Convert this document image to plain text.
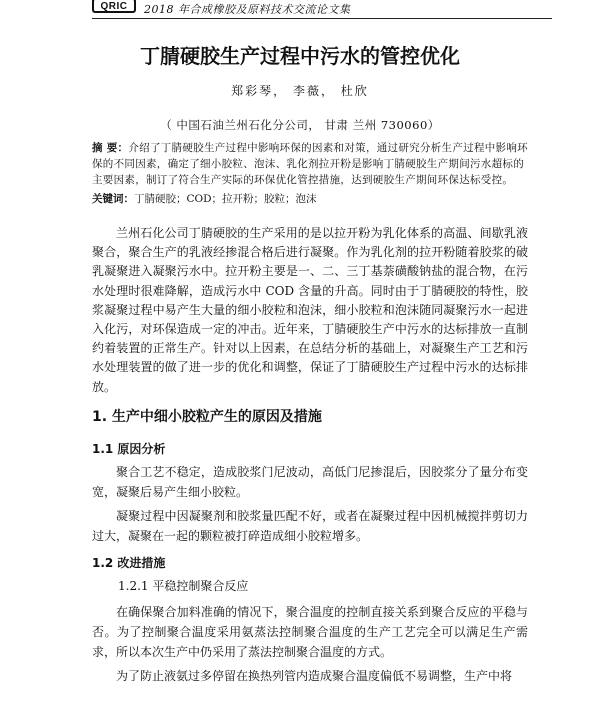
QRIC	2018 年合成橡胶及原料技术交流论文集
丁腈硬胶生产过程中污水的管控优化
郑彩琴， 李薇， 杜欣
（ 中国石油兰州石化分公司， 甘肃 兰州 730060）
摘 要：介绍了丁腈硬胶生产过程中影响环保的因素和对策，通过研究分析生产过程中影响环保的不同因素，确定了细小胶粒、泡沫、乳化剂拉开粉是影响丁腈硬胶生产期间污水超标的主要因素，制订了符合生产实际的环保优化管控措施，达到硬胶生产期间环保达标受控。
关键词：丁腈硬胶；COD；拉开粉；胶粒；泡沫
兰州石化公司丁腈硬胶的生产采用的是以拉开粉为乳化体系的高温、间歇乳液聚合，聚合生产的乳液经掺混合格后进行凝聚。作为乳化剂的拉开粉随着胶浆的破乳凝聚进入凝聚污水中。拉开粉主要是一、二、三丁基萘磺酸钠盐的混合物，在污水处理时很难降解，造成污水中 COD 含量的升高。同时由于丁腈硬胶的特性，胶浆凝聚过程中易产生大量的细小胶粒和泡沫，细小胶粒和泡沫随同凝聚污水一起进入化污，对环保造成一定的冲击。近年来，丁腈硬胶生产中污水的达标排放一直制约着装置的正常生产。针对以上因素，在总结分析的基础上，对凝聚生产工艺和污水处理装置的做了进一步的优化和调整，保证了丁腈硬胶生产过程中污水的达标排放。
1. 生产中细小胶粒产生的原因及措施
1.1 原因分析
聚合工艺不稳定，造成胶浆门尼波动，高低门尼掺混后，因胶浆分了量分布变宽，凝聚后易产生细小胶粒。
凝聚过程中因凝聚剂和胶浆量匹配不好，或者在凝聚过程中因机械搅拌剪切力过大，凝聚在一起的颗粒被打碎造成细小胶粒增多。
1.2 改进措施
1.2.1 平稳控制聚合反应
在确保聚合加料准确的情况下，聚合温度的控制直接关系到聚合反应的平稳与否。为了控制聚合温度采用氨蒸法控制聚合温度的生产工艺完全可以满足生产需求，所以本次生产中仍采用了蒸法控制聚合温度的方式。
为了防止液氨过多停留在换热列管内造成聚合温度偏低不易调整，生产中将
